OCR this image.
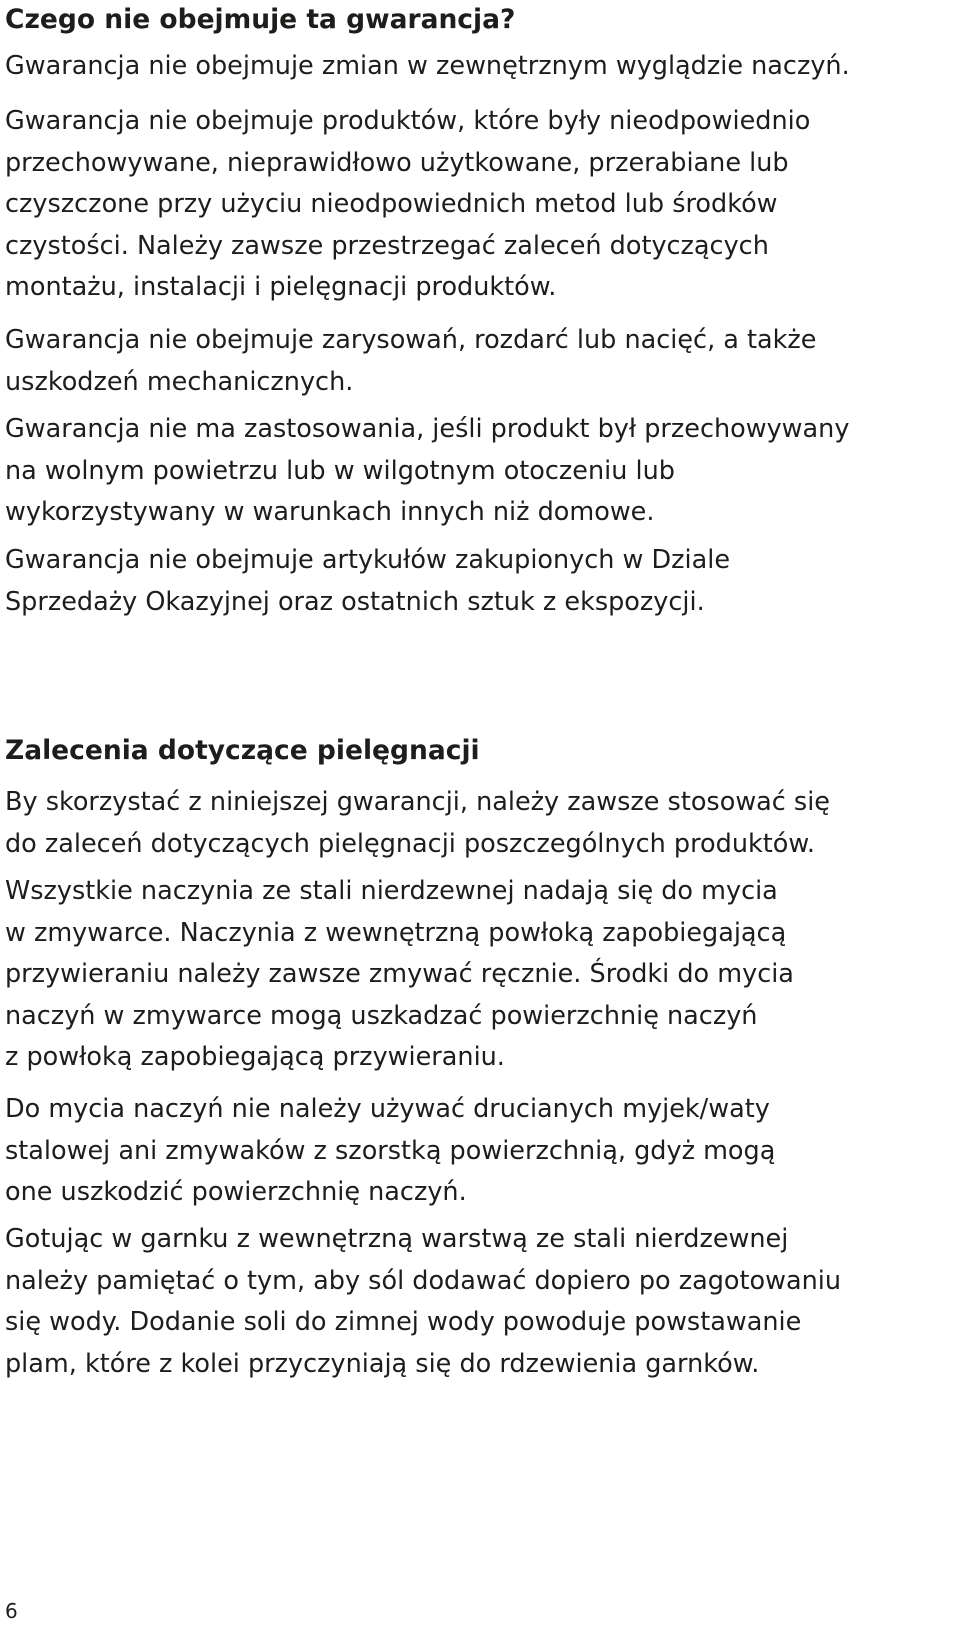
Czego nie obejmuje ta gwarancja?

Gwarancja nie obejmuje zmian w zewnętrznym wyglądzie naczyń.

Gwarancja nie obejmuje produktów, które były nieodpowiednio
przechowywane, nieprawidłowo użytkowane, przerabiane lub
czyszczone przy użyciu nieodpowiednich metod lub środków
czystości. Należy zawsze przestrzegać zaleceń dotyczących
montażu, instalacji i pielęgnacji produktów.

Gwarancja nie obejmuje zarysowań, rozdarć lub nacięć, a także
uszkodzeń mechanicznych.

Gwarancja nie ma zastosowania, jeśli produkt był przechowywany
na wolnym powietrzu lub w wilgotnym otoczeniu lub
wykorzystywany w warunkach innych niż domowe.

Gwarancja nie obejmuje artykułów zakupionych w Dziale
Sprzedaży Okazyjnej oraz ostatnich sztuk z ekspozycji.

Zalecenia dotyczące pielęgnacji

By skorzystać z niniejszej gwarancji, należy zawsze stosować się
do zaleceń dotyczących pielęgnacji poszczególnych produktów.

Wszystkie naczynia ze stali nierdzewnej nadają się do mycia
w zmywarce. Naczynia z wewnętrzną powłoką zapobiegającą
przywieraniu należy zawsze zmywać ręcznie. Środki do mycia
naczyń w zmywarce mogą uszkadzać powierzchnię naczyń
z powłoką zapobiegającą przywieraniu.

Do mycia naczyń nie należy używać drucianych myjek/waty
stalowej ani zmywaków z szorstką powierzchnią, gdyż mogą
one uszkodzić powierzchnię naczyń.

Gotując w garnku z wewnętrzną warstwą ze stali nierdzewnej
należy pamiętać o tym, aby sól dodawać dopiero po zagotowaniu
się wody. Dodanie soli do zimnej wody powoduje powstawanie
plam, które z kolei przyczyniają się do rdzewienia garnków.

6
